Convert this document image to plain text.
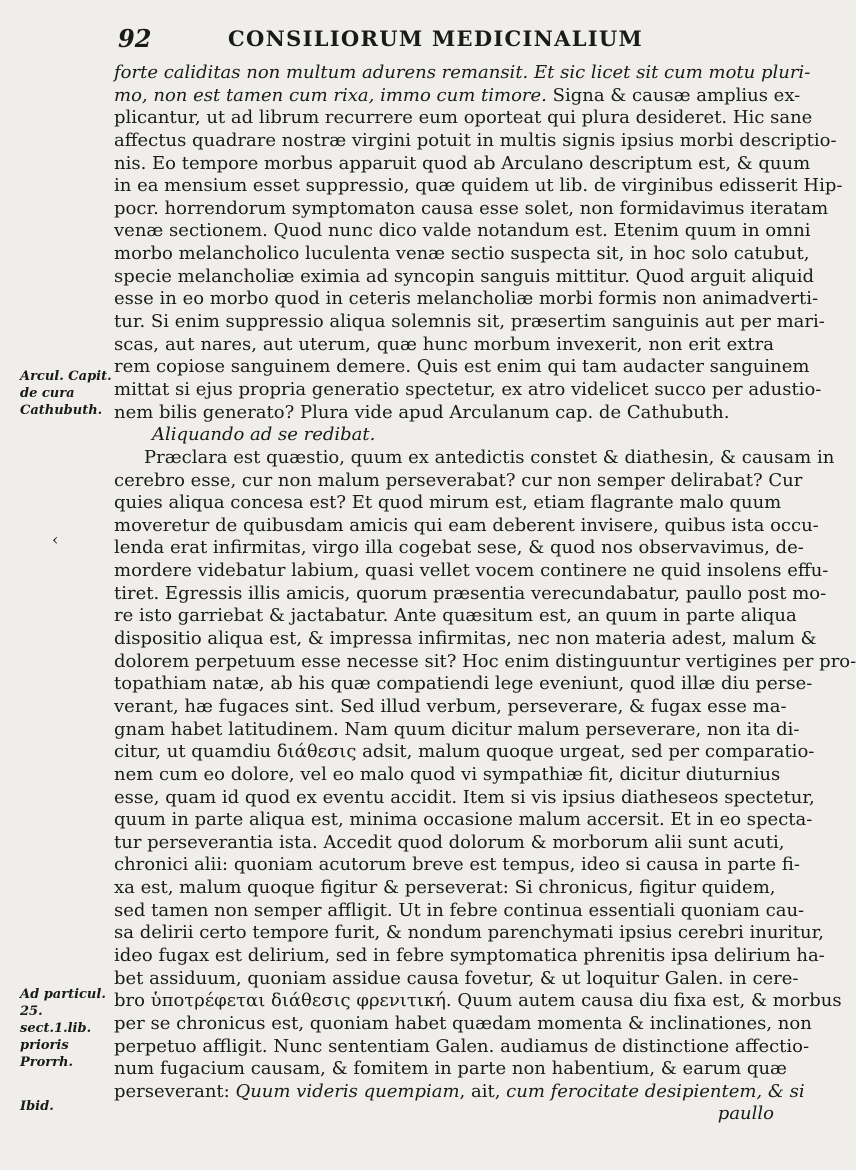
92	CONSILIORUM MEDICINALIUM
Arcul. Capit. de cura Cathubuth.
‹
Ad particul. 25. sect.1.lib. prioris Prorrh.
Ibid.
forte caliditas non multum adurens remansit. Et sic licet sit cum motu pluri-
mo, non est tamen cum rixa, immo cum timore. Signa & causæ amplius ex-
plicantur, ut ad librum recurrere eum oporteat qui plura desideret. Hic sane
affectus quadrare nostræ virgini potuit in multis signis ipsius morbi descriptio-
nis. Eo tempore morbus apparuit quod ab Arculano descriptum est, & quum
in ea mensium esset suppressio, quæ quidem ut lib. de virginibus edisserit Hip-
pocr. horrendorum symptomaton causa esse solet, non formidavimus iteratam
venæ sectionem. Quod nunc dico valde notandum est. Etenim quum in omni
morbo melancholico luculenta venæ sectio suspecta sit, in hoc solo catubut,
specie melancholiæ eximia ad syncopin sanguis mittitur. Quod arguit aliquid
esse in eo morbo quod in ceteris melancholiæ morbi formis non animadverti-
tur. Si enim suppressio aliqua solemnis sit, præsertim sanguinis aut per mari-
scas, aut nares, aut uterum, quæ hunc morbum invexerit, non erit extra
rem copiose sanguinem demere. Quis est enim qui tam audacter sanguinem
mittat si ejus propria generatio spectetur, ex atro videlicet succo per adustio-
nem bilis generato? Plura vide apud Arculanum cap. de Cathubuth.
Aliquando ad se redibat.
Præclara est quæstio, quum ex antedictis constet & diathesin, & causam in
cerebro esse, cur non malum perseverabat? cur non semper delirabat? Cur
quies aliqua concesa est? Et quod mirum est, etiam flagrante malo quum
moveretur de quibusdam amicis qui eam deberent invisere, quibus ista occu-
lenda erat infirmitas, virgo illa cogebat sese, & quod nos observavimus, de-
mordere videbatur labium, quasi vellet vocem continere ne quid insolens effu-
tiret. Egressis illis amicis, quorum præsentia verecundabatur, paullo post mo-
re isto garriebat & jactabatur. Ante quæsitum est, an quum in parte aliqua
dispositio aliqua est, & impressa infirmitas, nec non materia adest, malum &
dolorem perpetuum esse necesse sit? Hoc enim distinguuntur vertigines per pro-
topathiam natæ, ab his quæ compatiendi lege eveniunt, quod illæ diu perse-
verant, hæ fugaces sint. Sed illud verbum, perseverare, & fugax esse ma-
gnam habet latitudinem. Nam quum dicitur malum perseverare, non ita di-
citur, ut quamdiu διάθεσις adsit, malum quoque urgeat, sed per comparatio-
nem cum eo dolore, vel eo malo quod vi sympathiæ fit, dicitur diuturnius
esse, quam id quod ex eventu accidit. Item si vis ipsius diatheseos spectetur,
quum in parte aliqua est, minima occasione malum accersit. Et in eo specta-
tur perseverantia ista. Accedit quod dolorum & morborum alii sunt acuti,
chronici alii: quoniam acutorum breve est tempus, ideo si causa in parte fi-
xa est, malum quoque figitur & perseverat: Si chronicus, figitur quidem,
sed tamen non semper affligit. Ut in febre continua essentiali quoniam cau-
sa delirii certo tempore furit, & nondum parenchymati ipsius cerebri inuritur,
ideo fugax est delirium, sed in febre symptomatica phrenitis ipsa delirium ha-
bet assiduum, quoniam assidue causa fovetur, & ut loquitur Galen. in cere-
bro ὑποτρέφεται διάθεσις φρενιτική. Quum autem causa diu fixa est, & morbus
per se chronicus est, quoniam habet quædam momenta & inclinationes, non
perpetuo affligit. Nunc sententiam Galen. audiamus de distinctione affectio-
num fugacium causam, & fomitem in parte non habentium, & earum quæ
perseverant: Quum videris quempiam, ait, cum ferocitate desipientem, & si
paullo
